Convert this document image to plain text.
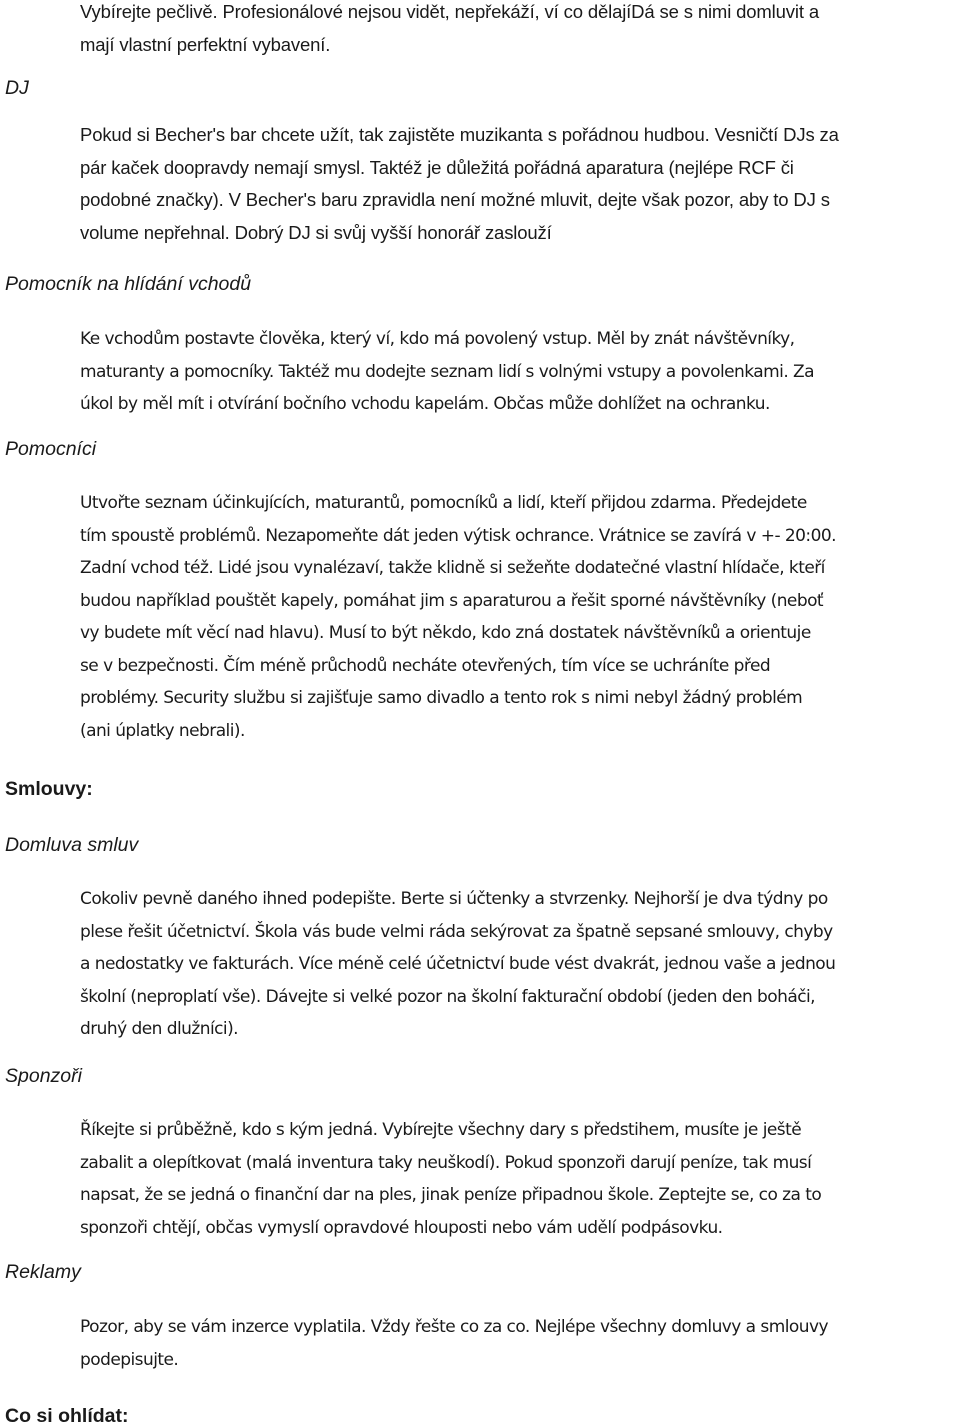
Vybírejte pečlivě. Profesionálové nejsou vidět, nepřekáží, ví co dělajíDá se s nimi domluvit a
mají vlastní perfektní vybavení.
DJ
Pokud si Becher's bar chcete užít, tak zajistěte muzikanta s pořádnou hudbou. Vesničtí DJs za
pár kaček doopravdy nemají smysl. Taktéž je důležitá pořádná aparatura (nejlépe RCF či
podobné značky). V Becher's baru zpravidla není možné mluvit, dejte však pozor, aby to DJ s
volume nepřehnal. Dobrý DJ si svůj vyšší honorář zaslouží
Pomocník na hlídání vchodů
Ke vchodům postavte člověka, který ví, kdo má povolený vstup. Měl by znát návštěvníky,
maturanty a pomocníky. Taktéž mu dodejte seznam lidí s volnými vstupy a povolenkami. Za
úkol by měl mít i otvírání bočního vchodu kapelám. Občas může dohlížet na ochranku.
Pomocníci
Utvořte seznam účinkujících, maturantů, pomocníků a lidí, kteří přijdou zdarma. Předejdete
tím spoustě problémů. Nezapomeňte dát jeden výtisk ochrance. Vrátnice se zavírá v +- 20:00.
Zadní vchod též. Lidé jsou vynalézaví, takže klidně si sežeňte dodatečné vlastní hlídače, kteří
budou například pouštět kapely, pomáhat jim s aparaturou a řešit sporné návštěvníky (neboť
vy budete mít věcí nad hlavu). Musí to být někdo, kdo zná dostatek návštěvníků a orientuje
se v bezpečnosti. Čím méně průchodů necháte otevřených, tím více se uchráníte před
problémy. Security službu si zajišťuje samo divadlo a tento rok s nimi nebyl žádný problém
(ani úplatky nebrali).
Smlouvy:
Domluva smluv
Cokoliv pevně daného ihned podepište. Berte si účtenky a stvrzenky. Nejhorší je dva týdny po
plese řešit účetnictví. Škola vás bude velmi ráda sekýrovat za špatně sepsané smlouvy, chyby
a nedostatky ve fakturách. Více méně celé účetnictví bude vést dvakrát, jednou vaše a jednou
školní (neproplatí vše). Dávejte si velké pozor na školní fakturační období (jeden den boháči,
druhý den dlužníci).
Sponzoři
Říkejte si průběžně, kdo s kým jedná. Vybírejte všechny dary s předstihem, musíte je ještě
zabalit a olepítkovat (malá inventura taky neuškodí). Pokud sponzoři darují peníze, tak musí
napsat, že se jedná o finanční dar na ples, jinak peníze připadnou škole. Zeptejte se, co za to
sponzoři chtějí, občas vymyslí opravdové hlouposti nebo vám udělí podpásovku.
Reklamy
Pozor, aby se vám inzerce vyplatila. Vždy řešte co za co. Nejlépe všechny domluvy a smlouvy
podepisujte.
Co si ohlídat:
